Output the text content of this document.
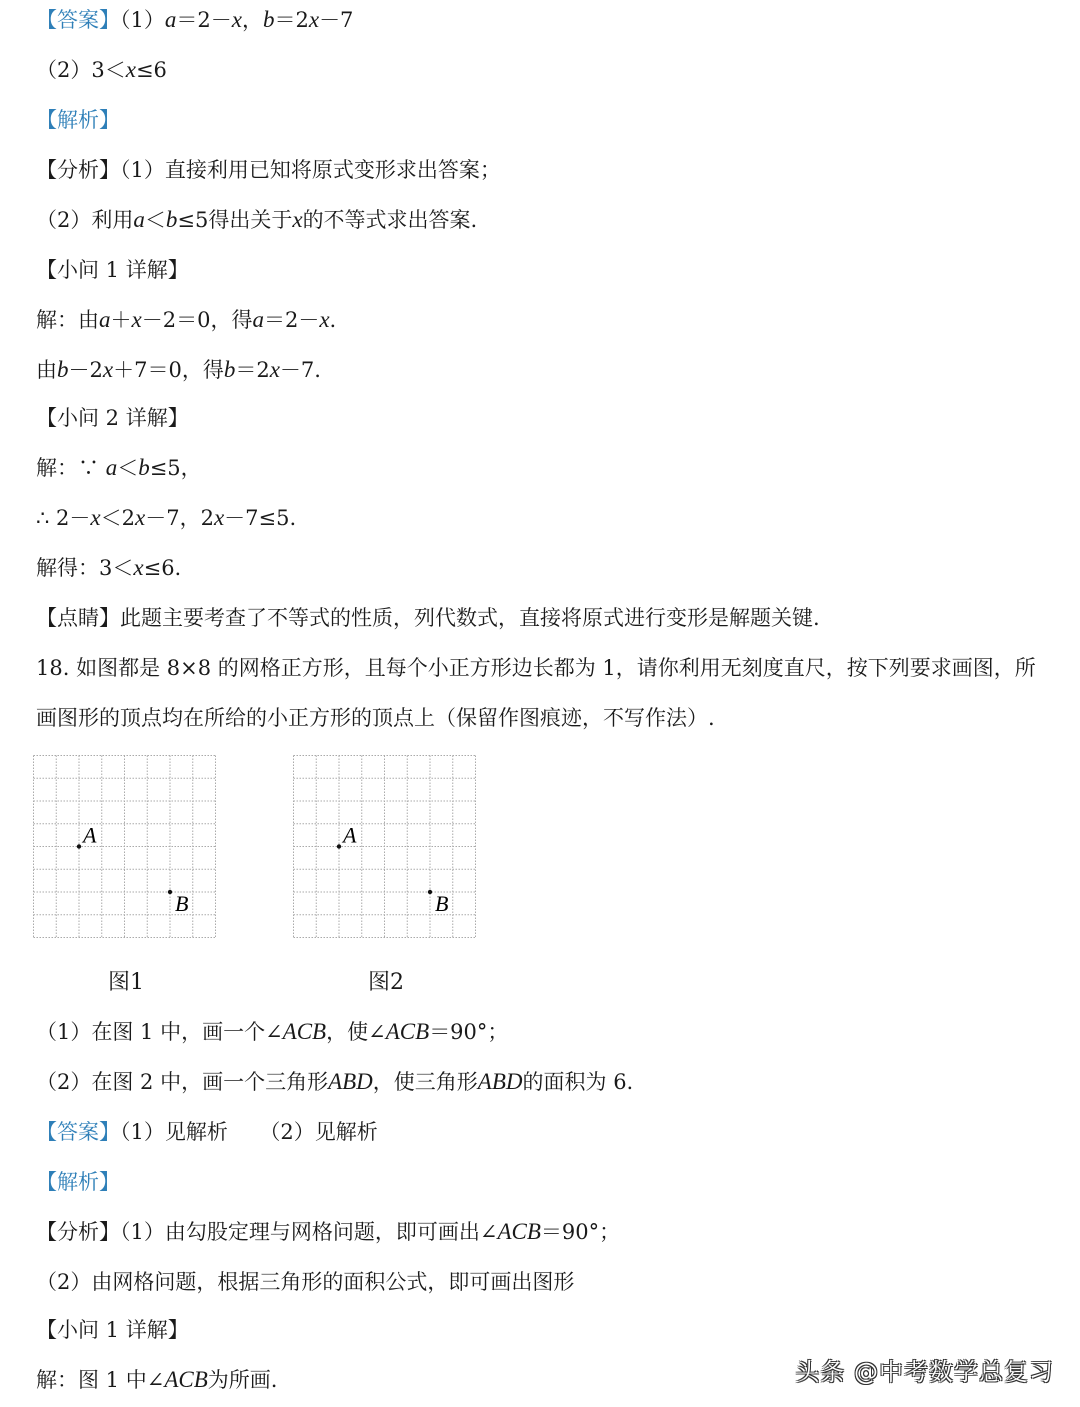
【答案】（1）a＝2－x，b＝2x－7
（2）3＜x≤6
【解析】
【分析】（1）直接利用已知将原式变形求出答案；
（2）利用a＜b≤5得出关于x的不等式求出答案.
【小问 1 详解】
解：由a＋x－2＝0，得a＝2－x.
由b－2x＋7＝0，得b＝2x－7.
【小问 2 详解】
解：∵ a＜b≤5，
∴ 2－x＜2x－7，2x－7≤5.
解得：3＜x≤6.
【点睛】此题主要考查了不等式的性质，列代数式，直接将原式进行变形是解题关键.
18. 如图都是 8×8 的网格正方形，且每个小正方形边长都为 1，请你利用无刻度直尺，按下列要求画图，所
画图形的顶点均在所给的小正方形的顶点上（保留作图痕迹，不写作法）.
（1）在图 1 中，画一个∠ACB，使∠ACB＝90°；
（2）在图 2 中，画一个三角形ABD，使三角形ABD的面积为 6.
【答案】（1）见解析　　（2）见解析
【解析】
【分析】（1）由勾股定理与网格问题，即可画出∠ACB＝90°；
（2）由网格问题，根据三角形的面积公式，即可画出图形
【小问 1 详解】
解：图 1 中∠ACB为所画.
A
B
图1
A
B
图2
头条 @中考数学总复习
